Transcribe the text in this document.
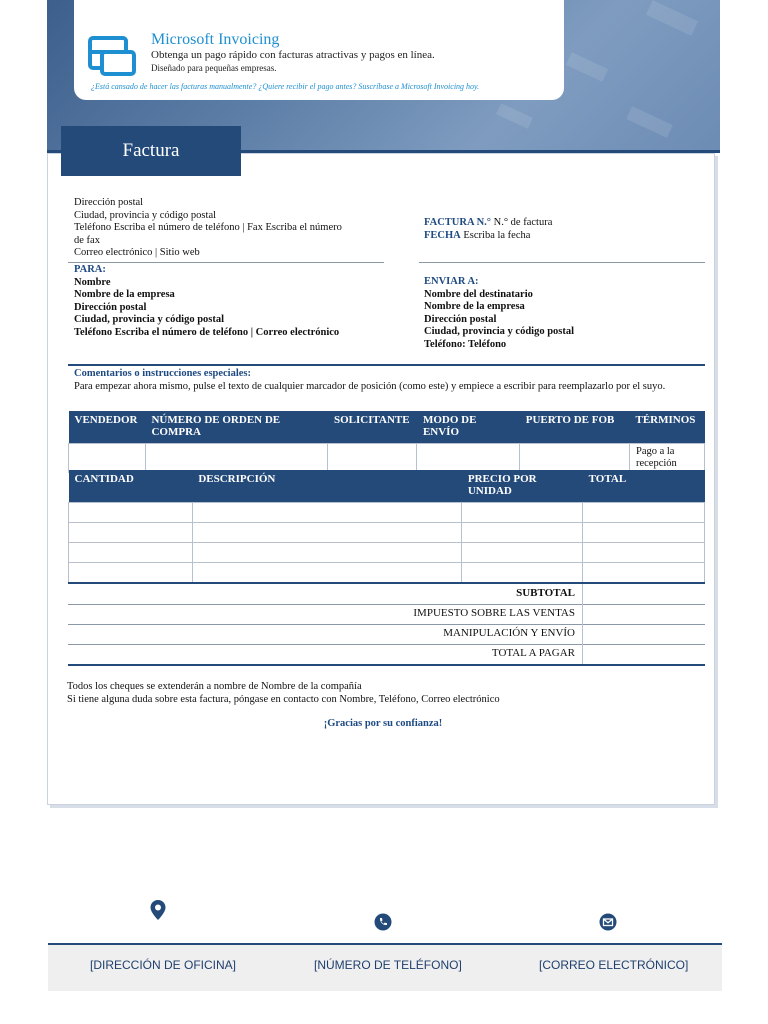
Microsoft Invoicing
Obtenga un pago rápido con facturas atractivas y pagos en línea.
Diseñado para pequeñas empresas.
¿Está cansado de hacer las facturas manualmente? ¿Quiere recibir el pago antes? Suscríbase a Microsoft Invoicing hoy.
Factura
Dirección postal
Ciudad, provincia y código postal
Teléfono Escriba el número de teléfono | Fax Escriba el número
de fax
Correo electrónico | Sitio web
FACTURA N.° N.° de factura
FECHA Escriba la fecha
PARA:
Nombre
Nombre de la empresa
Dirección postal
Ciudad, provincia y código postal
Teléfono Escriba el número de teléfono | Correo electrónico
ENVIAR A:
Nombre del destinatario
Nombre de la empresa
Dirección postal
Ciudad, provincia y código postal
Teléfono: Teléfono
Comentarios o instrucciones especiales:
Para empezar ahora mismo, pulse el texto de cualquier marcador de posición (como este) y empiece a escribir para reemplazarlo por el suyo.
VENDEDOR	NÚMERO DE ORDEN DE COMPRA	SOLICITANTE	MODO DE ENVÍO	PUERTO DE FOB	TÉRMINOS
					Pago a la recepción
CANTIDAD	DESCRIPCIÓN	PRECIO POR UNIDAD	TOTAL

SUBTOTAL
IMPUESTO SOBRE LAS VENTAS
MANIPULACIÓN Y ENVÍO
TOTAL A PAGAR
Todos los cheques se extenderán a nombre de Nombre de la compañía
Si tiene alguna duda sobre esta factura, póngase en contacto con Nombre, Teléfono, Correo electrónico
¡Gracias por su confianza!
[DIRECCIÓN DE OFICINA]	[NÚMERO DE TELÉFONO]	[CORREO ELECTRÓNICO]
